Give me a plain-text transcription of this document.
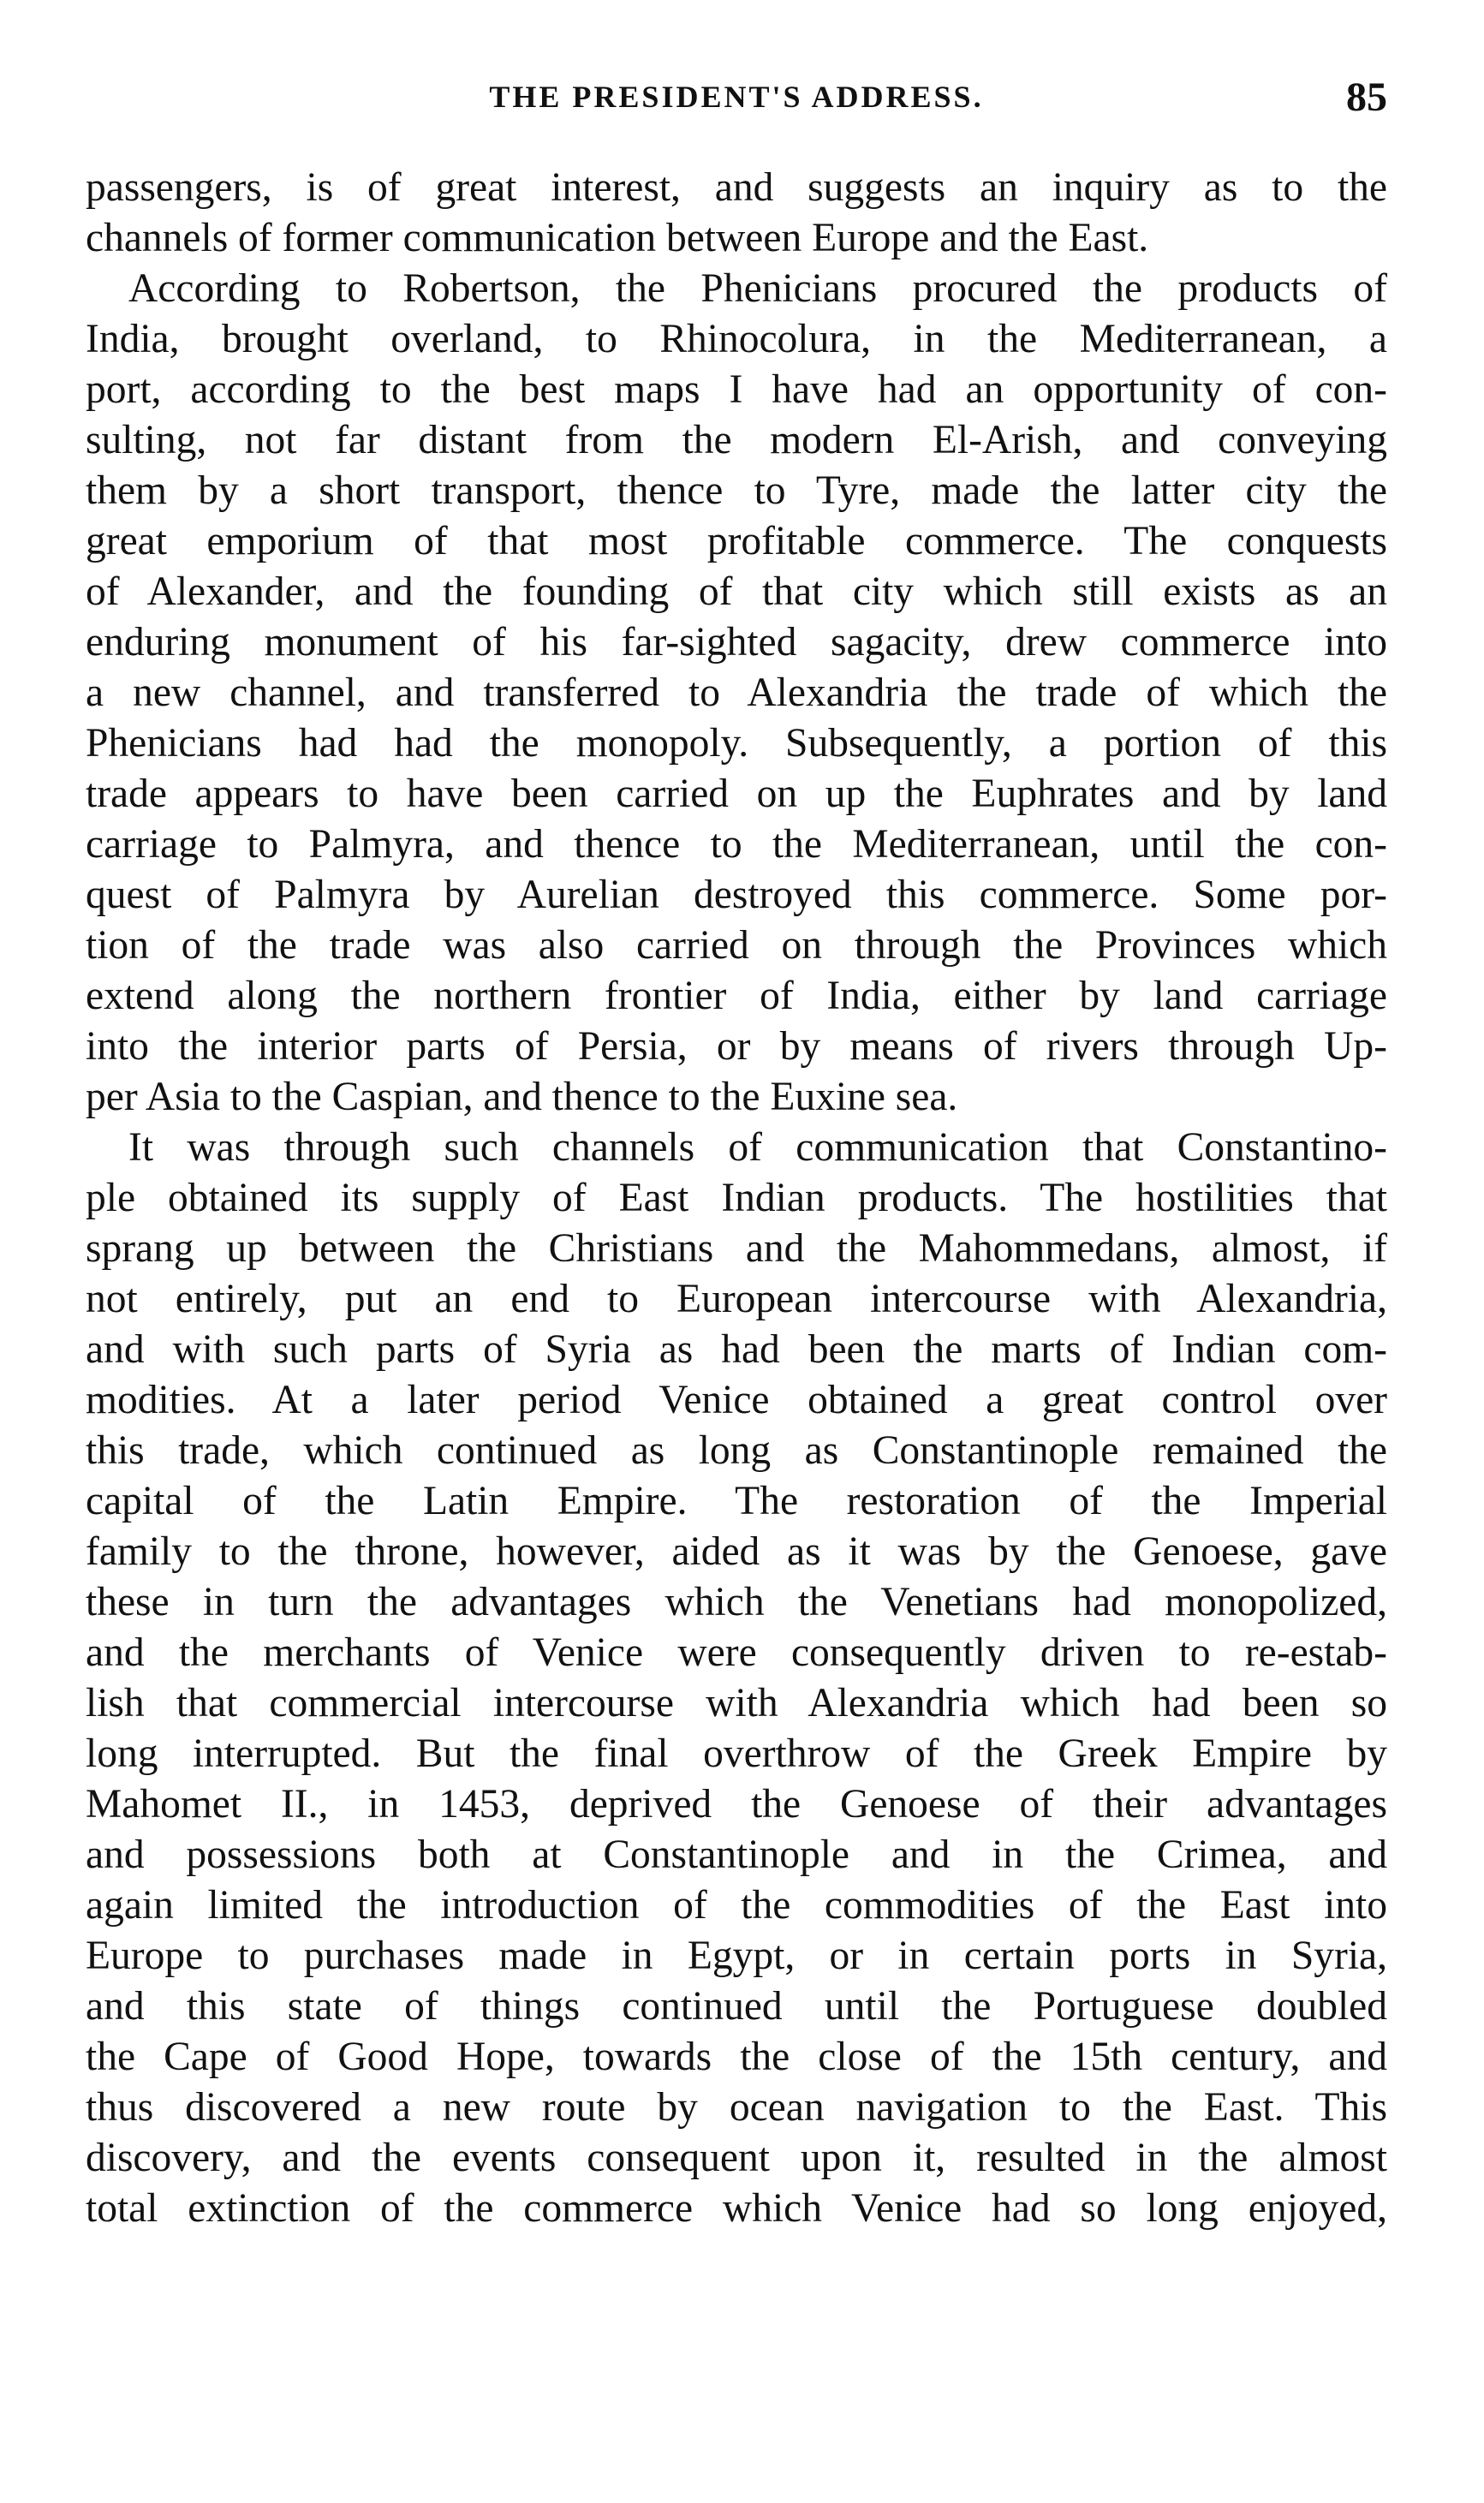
THE PRESIDENT'S ADDRESS.	85
passengers, is of great interest, and suggests an inquiry as to the
channels of former communication between Europe and the East.
According to Robertson, the Phenicians procured the products of
India, brought overland, to Rhinocolura, in the Mediterranean, a
port, according to the best maps I have had an opportunity of con-
sulting, not far distant from the modern El-Arish, and conveying
them by a short transport, thence to Tyre, made the latter city the
great emporium of that most profitable commerce. The conquests
of Alexander, and the founding of that city which still exists as an
enduring monument of his far-sighted sagacity, drew commerce into
a new channel, and transferred to Alexandria the trade of which the
Phenicians had had the monopoly. Subsequently, a portion of this
trade appears to have been carried on up the Euphrates and by land
carriage to Palmyra, and thence to the Mediterranean, until the con-
quest of Palmyra by Aurelian destroyed this commerce. Some por-
tion of the trade was also carried on through the Provinces which
extend along the northern frontier of India, either by land carriage
into the interior parts of Persia, or by means of rivers through Up-
per Asia to the Caspian, and thence to the Euxine sea.
It was through such channels of communication that Constantino-
ple obtained its supply of East Indian products. The hostilities that
sprang up between the Christians and the Mahommedans, almost, if
not entirely, put an end to European intercourse with Alexandria,
and with such parts of Syria as had been the marts of Indian com-
modities. At a later period Venice obtained a great control over
this trade, which continued as long as Constantinople remained the
capital of the Latin Empire. The restoration of the Imperial
family to the throne, however, aided as it was by the Genoese, gave
these in turn the advantages which the Venetians had monopolized,
and the merchants of Venice were consequently driven to re-estab-
lish that commercial intercourse with Alexandria which had been so
long interrupted. But the final overthrow of the Greek Empire by
Mahomet II., in 1453, deprived the Genoese of their advantages
and possessions both at Constantinople and in the Crimea, and
again limited the introduction of the commodities of the East into
Europe to purchases made in Egypt, or in certain ports in Syria,
and this state of things continued until the Portuguese doubled
the Cape of Good Hope, towards the close of the 15th century, and
thus discovered a new route by ocean navigation to the East. This
discovery, and the events consequent upon it, resulted in the almost
total extinction of the commerce which Venice had so long enjoyed,
